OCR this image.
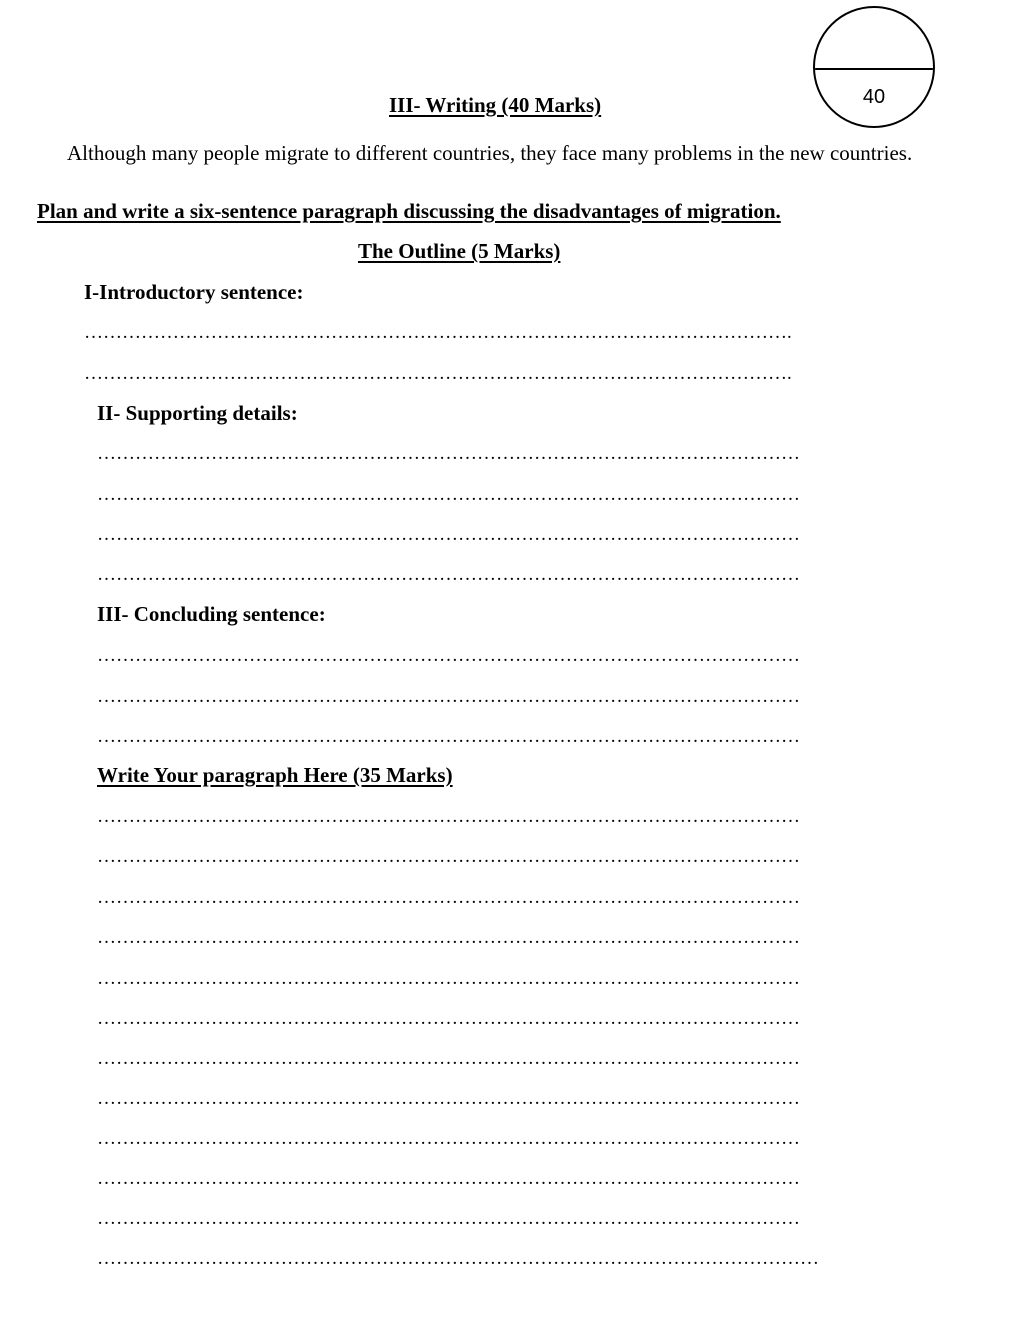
40
III- Writing (40 Marks)
Although many people migrate to different countries, they face many problems in the new countries.
Plan and write a six-sentence paragraph discussing the disadvantages of migration.
The Outline (5 Marks)
I-Introductory sentence:
………………………………………………………………………………………………….
………………………………………………………………………………………………….
II- Supporting details:
…………………………………………………………………………………………………
…………………………………………………………………………………………………
…………………………………………………………………………………………………
…………………………………………………………………………………………………
III- Concluding sentence:
…………………………………………………………………………………………………
…………………………………………………………………………………………………
…………………………………………………………………………………………………
Write Your paragraph Here (35 Marks)
…………………………………………………………………………………………………
…………………………………………………………………………………………………
…………………………………………………………………………………………………
…………………………………………………………………………………………………
…………………………………………………………………………………………………
…………………………………………………………………………………………………
…………………………………………………………………………………………………
…………………………………………………………………………………………………
…………………………………………………………………………………………………
…………………………………………………………………………………………………
…………………………………………………………………………………………………
……………………………………………………………………………………………………
